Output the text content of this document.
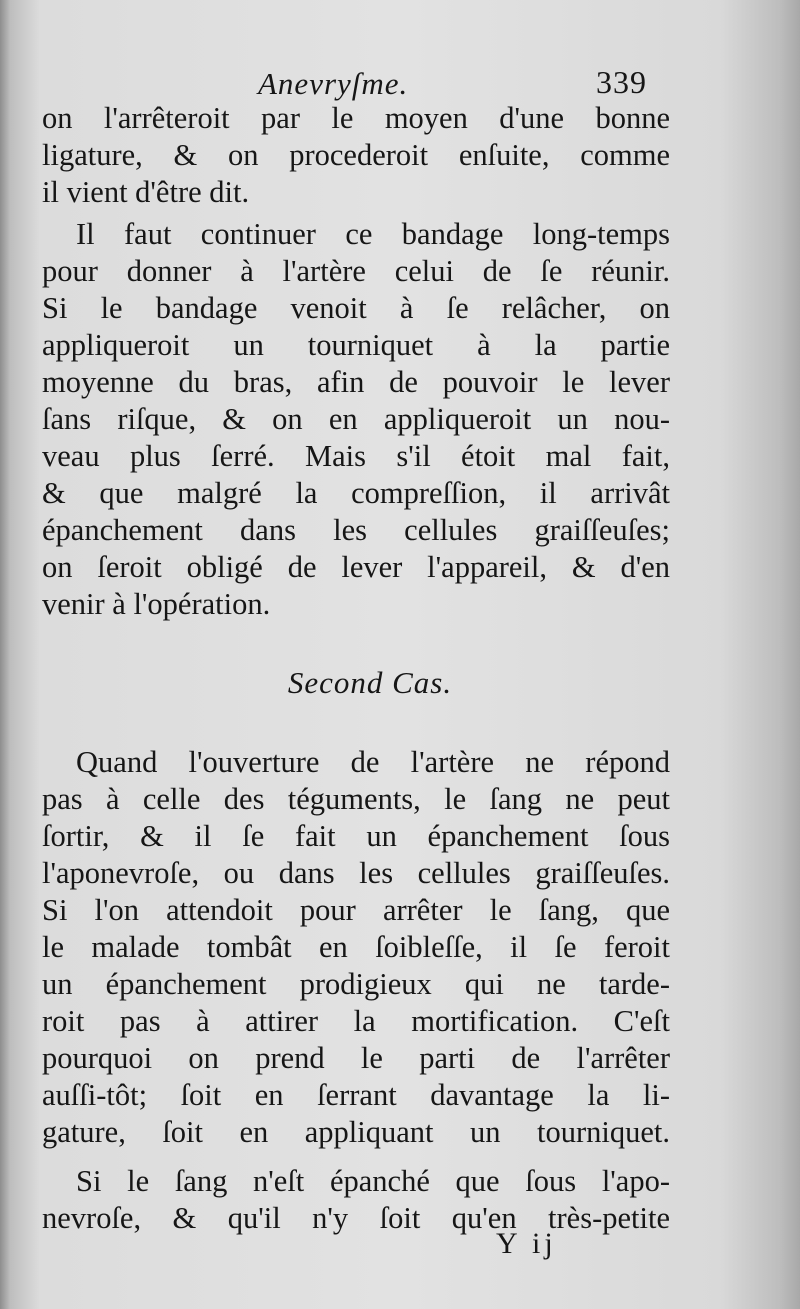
Anevryſme.	339
on l'arrêteroit par le moyen d'une bonne
ligature, & on procederoit enſuite, comme
il vient d'être dit.
Il faut continuer ce bandage long-temps
pour donner à l'artère celui de ſe réunir.
Si le bandage venoit à ſe relâcher, on
appliqueroit un tourniquet à la partie
moyenne du bras, afin de pouvoir le lever
ſans riſque, & on en appliqueroit un nou-
veau plus ſerré. Mais s'il étoit mal fait,
& que malgré la compreſſion, il arrivât
épanchement dans les cellules graiſſeuſes;
on ſeroit obligé de lever l'appareil, & d'en
venir à l'opération.
Second Cas.
Quand l'ouverture de l'artère ne répond
pas à celle des téguments, le ſang ne peut
ſortir, & il ſe fait un épanchement ſous
l'aponevroſe, ou dans les cellules graiſſeuſes.
Si l'on attendoit pour arrêter le ſang, que
le malade tombât en ſoibleſſe, il ſe feroit
un épanchement prodigieux qui ne tarde-
roit pas à attirer la mortification. C'eſt
pourquoi on prend le parti de l'arrêter
auſſi-tôt; ſoit en ſerrant davantage la li-
gature, ſoit en appliquant un tourniquet.
Si le ſang n'eſt épanché que ſous l'apo-
nevroſe, & qu'il n'y ſoit qu'en très-petite
Y ij
